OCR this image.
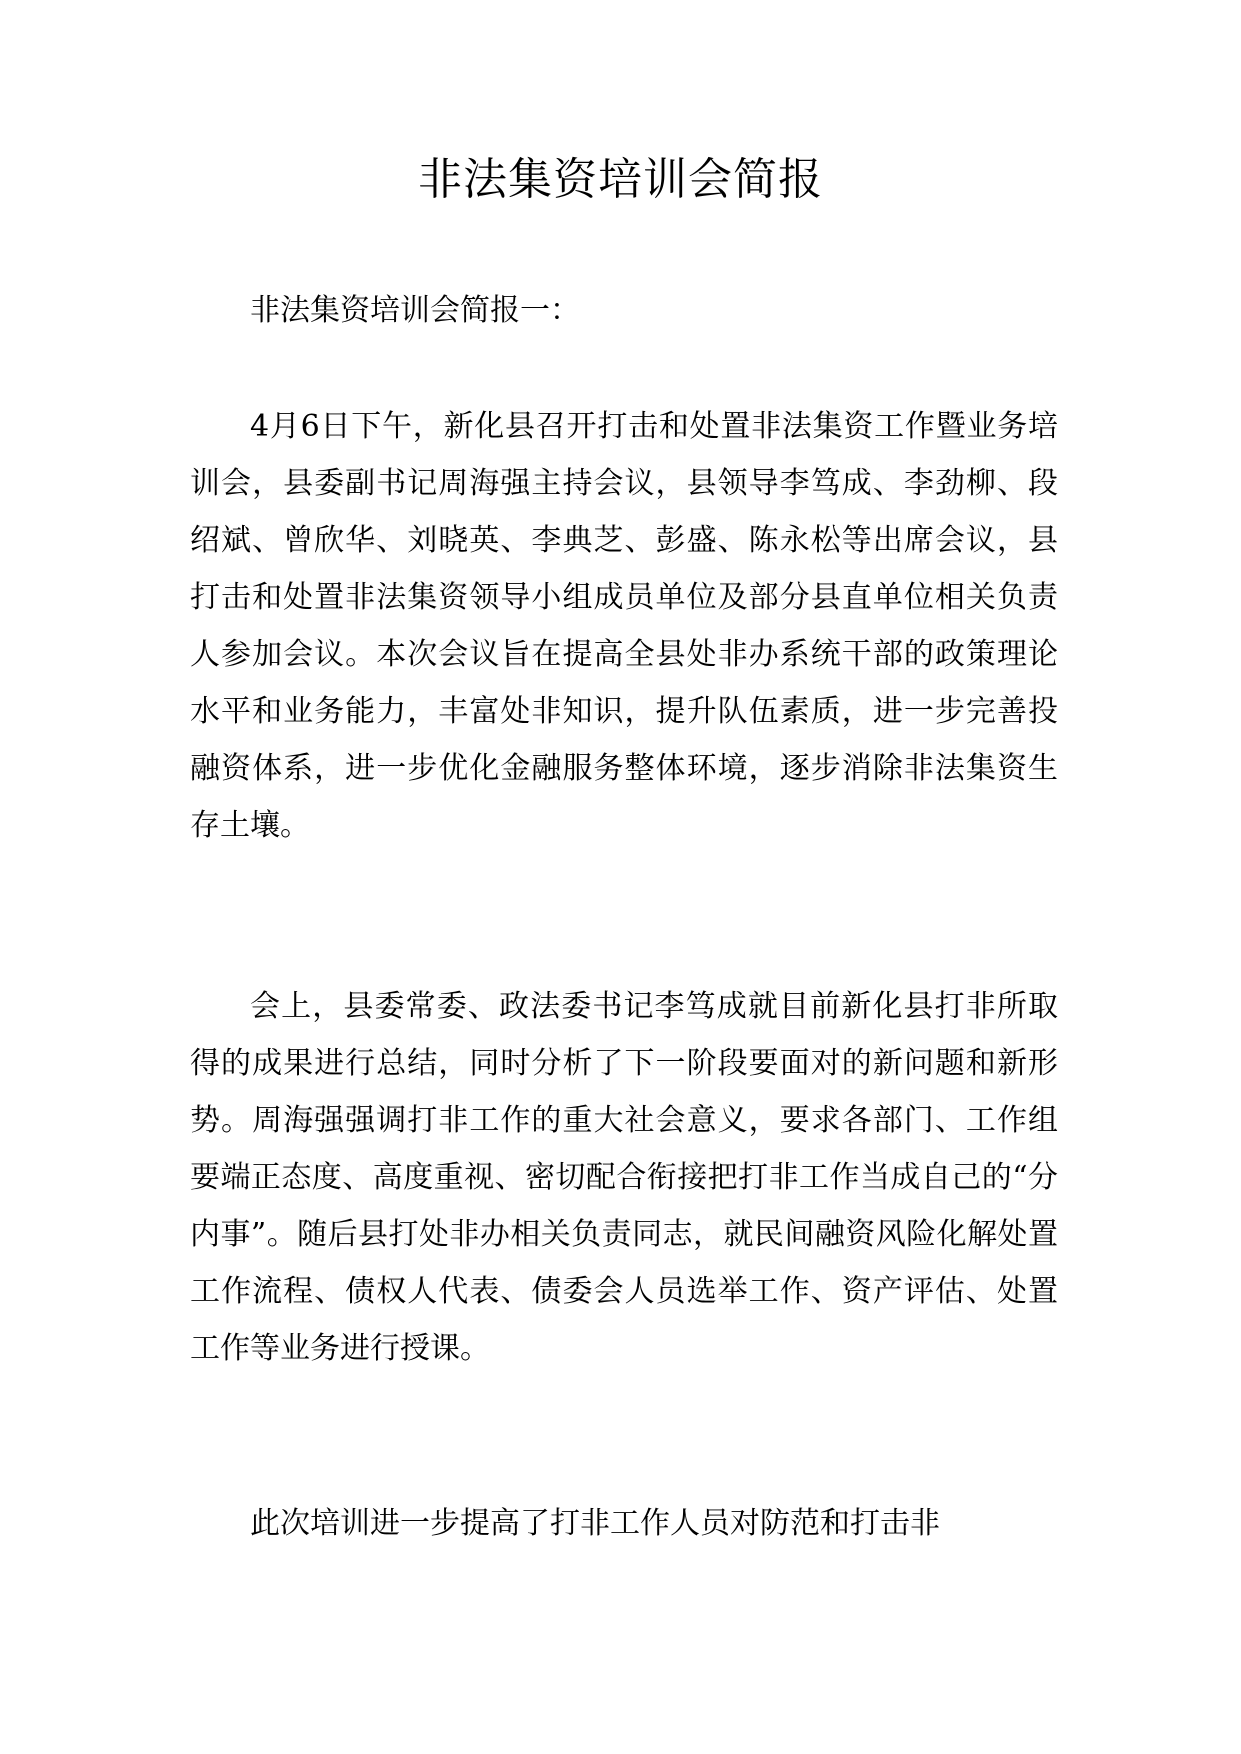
非法集资培训会简报

非法集资培训会简报一：

4月6日下午，新化县召开打击和处置非法集资工作暨业务培训会，县委副书记周海强主持会议，县领导李笃成、李劲柳、段绍斌、曾欣华、刘晓英、李典芝、彭盛、陈永松等出席会议，县打击和处置非法集资领导小组成员单位及部分县直单位相关负责人参加会议。本次会议旨在提高全县处非办系统干部的政策理论水平和业务能力，丰富处非知识，提升队伍素质，进一步完善投融资体系，进一步优化金融服务整体环境，逐步消除非法集资生存土壤。

会上，县委常委、政法委书记李笃成就目前新化县打非所取得的成果进行总结，同时分析了下一阶段要面对的新问题和新形势。周海强强调打非工作的重大社会意义，要求各部门、工作组要端正态度、高度重视、密切配合衔接把打非工作当成自己的“分内事”。随后县打处非办相关负责同志，就民间融资风险化解处置工作流程、债权人代表、债委会人员选举工作、资产评估、处置工作等业务进行授课。

此次培训进一步提高了打非工作人员对防范和打击非
